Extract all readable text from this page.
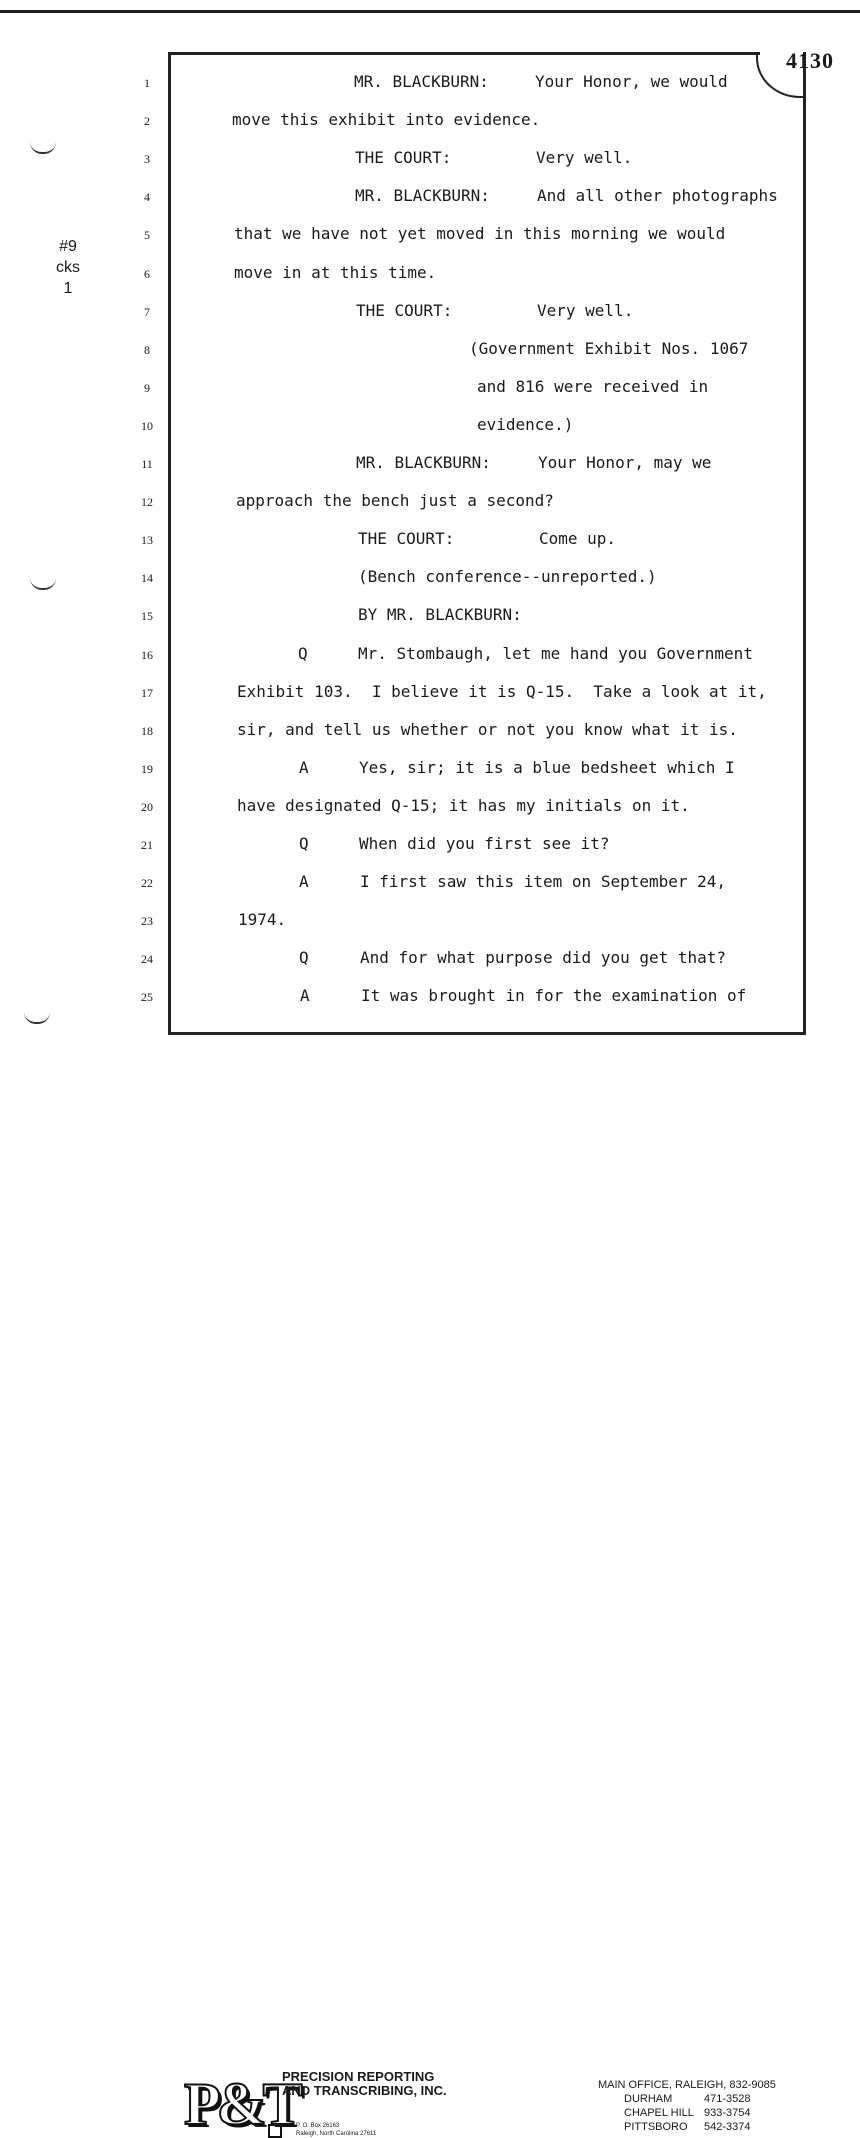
4130
#9
cks
1
1	MR. BLACKBURN:	Your Honor, we would
2	move this exhibit into evidence.
3	THE COURT:	Very well.
4	MR. BLACKBURN:	And all other photographs
5	that we have not yet moved in this morning we would
6	move in at this time.
7	THE COURT:	Very well.
8	(Government Exhibit Nos. 1067
9	and 816 were received in
10	evidence.)
11	MR. BLACKBURN:	Your Honor, may we
12	approach the bench just a second?
13	THE COURT:	Come up.
14	(Bench conference--unreported.)
15	BY MR. BLACKBURN:
16	Q	Mr. Stombaugh, let me hand you Government
17	Exhibit 103.  I believe it is Q-15.  Take a look at it,
18	sir, and tell us whether or not you know what it is.
19	A	Yes, sir; it is a blue bedsheet which I
20	have designated Q-15; it has my initials on it.
21	Q	When did you first see it?
22	A	I first saw this item on September 24,
23	1974.
24	Q	And for what purpose did you get that?
25	A	It was brought in for the examination of
P&T
PRECISION REPORTING
AND TRANSCRIBING, INC.
P. O. Box 26163
Raleigh, North Carolina 27611
MAIN OFFICE, RALEIGH, 832-9085
DURHAM	471-3528
CHAPEL HILL 933-3754
PITTSBORO 542-3374
